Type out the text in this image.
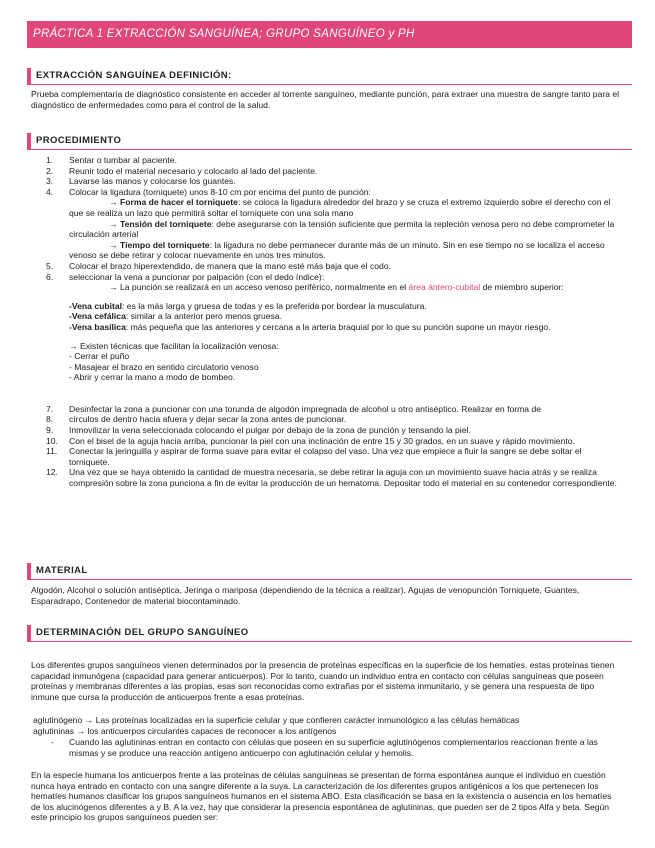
PRÁCTICA 1 EXTRACCIÓN SANGUÍNEA; GRUPO SANGUÍNEO y PH
EXTRACCIÓN SANGUÍNEA DEFINICIÓN:
Prueba complementaria de diagnóstico consistente en acceder al torrente sanguíneo, mediante punción, para extraer una muestra de sangre tanto para el diagnóstico de enfermedades como para el control de la salud.
PROCEDIMIENTO
1.	Sentar o tumbar al paciente.
2.	Reunir todo el material necesario y colocarlo al lado del paciente.
3.	Lavarse las manos y colocarse los guantes.
4.	Colocar la ligadura (torniquete) unos 8-10 cm por encima del punto de punción:
→ Forma de hacer el torniquete: se coloca la ligadura alrededor del brazo y se cruza el extremo izquierdo sobre el derecho con el que se realiza un lazo que permitirá soltar el torniquete con una sola mano
→ Tensión del torniquete: debe asegurarse con la tensión suficiente que permita la repleción venosa pero no debe comprometer la circulación arterial
→ Tiempo del torniquete: la ligadura no debe permanecer durante más de un minuto. Sin en ese tiempo no se localiza el acceso venoso se debe retirar y colocar nuevamente en unos tres minutos.
5.	Colocar el brazo hiperextendido, de manera que la mano esté más baja que el codo.
6.	seleccionar la vena a puncionar por palpación (con el dedo índice):
→ La punción se realizará en un acceso venoso periférico, normalmente en el área ántero-cubital de miembro superior:
-Vena cubital: es la más larga y gruesa de todas y es la preferida por bordear la musculatura.
-Vena cefálica: similar a la anterior pero menos gruesa.
-Vena basílica: más pequeña que las anteriores y cercana a la arteria braquial por lo que su punción supone un mayor riesgo.
→ Existen técnicas que facilitan la localización venosa:
- Cerrar el puño
- Masajear el brazo en sentido circulatorio venoso
- Abrir y cerrar la mano a modo de bombeo.
7.	Desinfectar la zona a puncionar con una torunda de algodón impregnada de alcohol u otro antiséptico. Realizar en forma de
8.	círculos de dentro hacia afuera y dejar secar la zona antes de puncionar.
9.	Inmovilizar la vena seleccionada colocando el pulgar por debajo de la zona de punción y tensando la piel.
10.	Con el bisel de la aguja hacia arriba, puncionar la piel con una inclinación de entre 15 y 30 grados, en un suave y rápido movimiento.
11.	Conectar la jeringuilla y aspirar de forma suave para evitar el colapso del vaso. Una vez que empiece a fluir la sangre se debe soltar el torniquete.
12.	Una vez que se haya obtenido la cantidad de muestra necesaria, se debe retirar la aguja con un movimiento suave hacia atrás y se realiza compresión sobre la zona punciona a fin de evitar la producción de un hematoma. Depositar todo el material en su contenedor correspondiente.
MATERIAL
Algodón, Alcohol o solución antiséptica, Jeringa o mariposa (dependiendo de la técnica a realizar), Agujas de venopunción Torniquete, Guantes, Esparadrapo, Contenedor de material biocontaminado.
DETERMINACIÓN DEL GRUPO SANGUÍNEO
Los diferentes grupos sanguíneos vienen determinados por la presencia de proteínas específicas en la superficie de los hematíes. estas proteínas tienen capacidad inmunógena (capacidad para generar anticuerpos). Por lo tanto, cuando un individuo entra en contacto con células sanguíneas que poseen proteínas y membranas diferentes a las propias, esas son reconocidas como extrañas por el sistema inmunitario, y se genera una respuesta de tipo inmune que cursa la producción de anticuerpos frente a esas proteínas.
aglutinógeno → Las proteínas localizadas en la superficie celular y que confieren carácter inmunológico a las células hemáticas
aglutininas → los anticuerpos circulantes capaces de reconocer a los antígenos
- Cuando las aglutininas entran en contacto con células que poseen en su superficie aglutinógenos complementarios reaccionan frente a las mismas y se produce una reacción antígeno anticuerpo con aglutinación celular y hemolis.
En la especie humana los anticuerpos frente a las proteínas de células sanguíneas se presentan de forma espontánea aunque el individuo en cuestión nunca haya entrado en contacto con una sangre diferente a la suya. La caracterización de los diferentes grupos antigénicos a los que pertenecen los hematíes humanos clasificar los grupos sanguíneos humanos en el sistema ABO. Esta clasificación se basa en la existencia o ausencia en los hematíes de los alucinógenos diferentes a y B. A la vez, hay que considerar la presencia espontánea de aglutininas, que pueden ser de 2 tipos Alfa y beta. Según este principio los grupos sanguíneos pueden ser:
